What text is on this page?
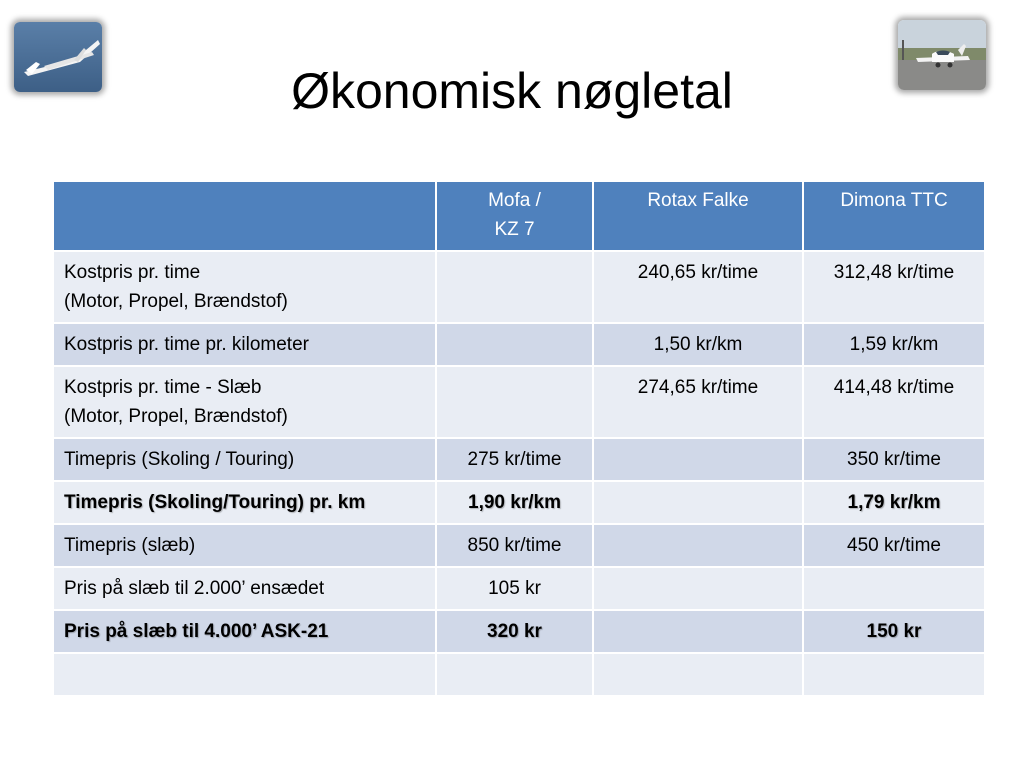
Økonomisk nøgletal
	Mofa /
KZ 7	Rotax Falke	Dimona TTC
Kostpris pr. time
(Motor, Propel, Brændstof)		240,65 kr/time	312,48 kr/time
Kostpris pr. time pr. kilometer		1,50 kr/km	1,59 kr/km
Kostpris pr. time - Slæb
(Motor, Propel, Brændstof)		274,65 kr/time	414,48 kr/time
Timepris (Skoling / Touring)	275 kr/time		350 kr/time
Timepris (Skoling/Touring) pr. km	1,90 kr/km		1,79 kr/km
Timepris (slæb)	850 kr/time		450 kr/time
Pris på slæb til 2.000’ ensædet	105 kr		
Pris på slæb til 4.000’ ASK-21	320 kr		150 kr
